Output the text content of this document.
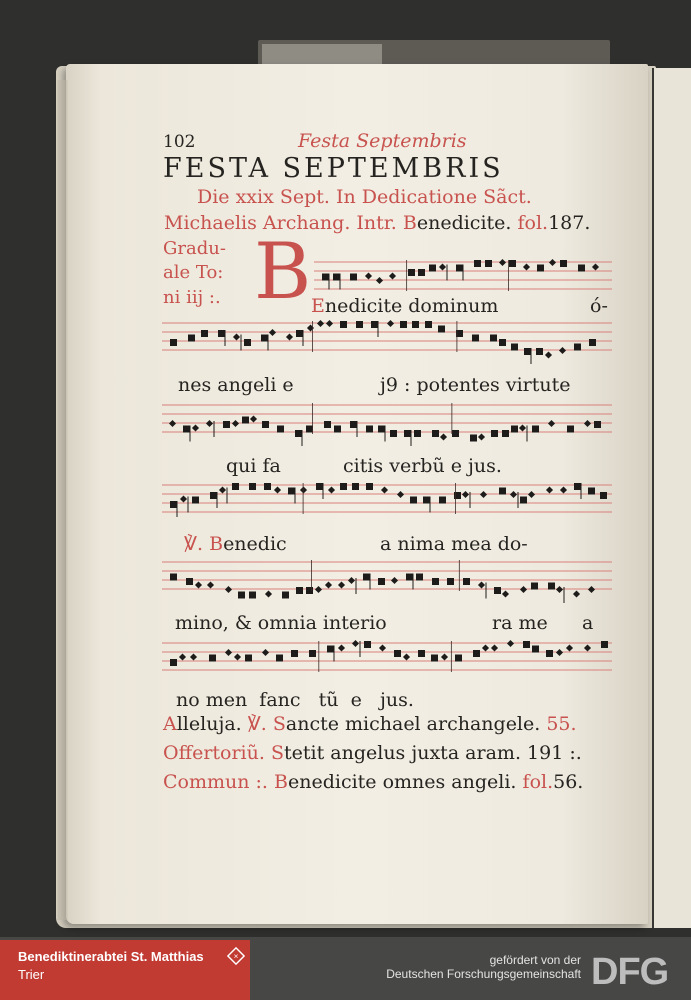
102	Festa Septembris
FESTA SEPTEMBRIS
Die xxix Sept. In Dedicatione Sãct.
Michaelis Archang. Intr. Benedicite. fol.187.
Gradu-
ale To:
ni iij :. B Enedicite dominum	ó-
nes angeli e	j9 : potentes virtute
qui fa	citis verbũ e jus.
℣. Benedic	a nima mea do-
mino, & omnia interio	ra me a
no men  fanc   tũ  e   jus.
Alleluja. ℣. Sancte michael archangele. 55.
Offertoriũ. Stetit angelus juxta aram. 191 :.
Commun :. Benedicite omnes angeli. fol.56.
Benediktinerabtei St. Matthias
Trier
✕	gefördert von der
Deutschen Forschungsgemeinschaft DFG
